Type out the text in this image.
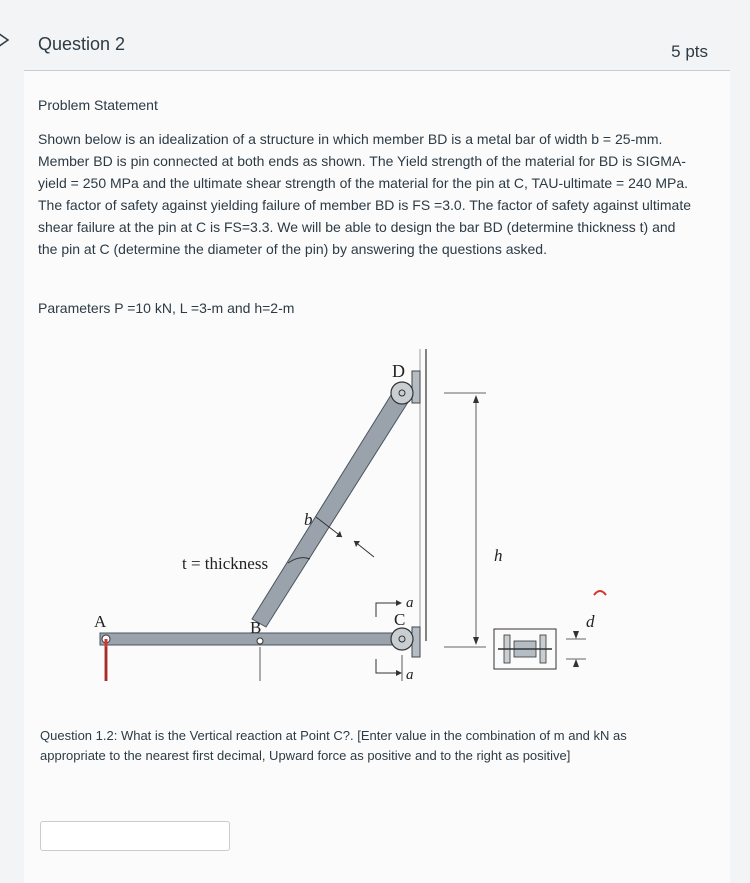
Question 2	5 pts
Problem Statement

Shown below is an idealization of a structure in which member BD is a metal bar of width b = 25-mm. Member BD is pin connected at both ends as shown. The Yield strength of the material for BD is SIGMA-yield = 250 MPa and the ultimate shear strength of the material for the pin at C, TAU-ultimate = 240 MPa. The factor of safety against yielding failure of member BD is FS =3.0. The factor of safety against ultimate shear failure at the pin at C is FS=3.3. We will be able to design the bar BD (determine thickness t) and the pin at C (determine the diameter of the pin) by answering the questions asked.

Parameters P =10 kN, L =3-m and h=2-m
A	B	C
D
b
h
d
a
a
t = thickness

Question 1.2: What is the Vertical reaction at Point C?. [Enter value in the combination of m and kN as appropriate to the nearest first decimal, Upward force as positive and to the right as positive]
